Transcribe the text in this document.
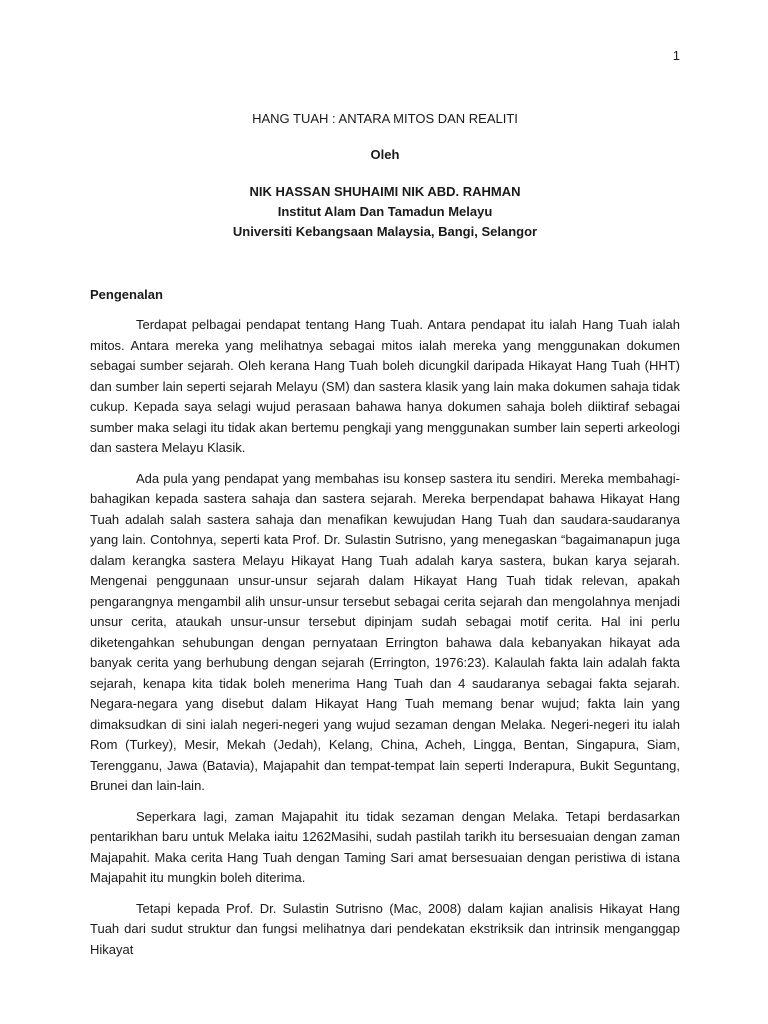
1

HANG TUAH : ANTARA MITOS DAN REALITI

Oleh

NIK HASSAN SHUHAIMI NIK ABD. RAHMAN
Institut Alam Dan Tamadun Melayu
Universiti Kebangsaan Malaysia, Bangi, Selangor
Pengenalan

Terdapat pelbagai pendapat tentang Hang Tuah. Antara pendapat itu ialah Hang Tuah ialah mitos. Antara mereka yang melihatnya sebagai mitos ialah mereka yang menggunakan dokumen sebagai sumber sejarah. Oleh kerana Hang Tuah boleh dicungkil daripada Hikayat Hang Tuah (HHT) dan sumber lain seperti sejarah Melayu (SM) dan sastera klasik yang lain maka dokumen sahaja tidak cukup. Kepada saya selagi wujud perasaan bahawa hanya dokumen sahaja boleh diiktiraf sebagai sumber maka selagi itu tidak akan bertemu pengkaji yang menggunakan sumber lain seperti arkeologi dan sastera Melayu Klasik.

Ada pula yang pendapat yang membahas isu konsep sastera itu sendiri. Mereka membahagi-bahagikan kepada sastera sahaja dan sastera sejarah. Mereka berpendapat bahawa Hikayat Hang Tuah adalah salah sastera sahaja dan menafikan kewujudan Hang Tuah dan saudara-saudaranya yang lain. Contohnya, seperti kata Prof. Dr. Sulastin Sutrisno, yang menegaskan “bagaimanapun juga dalam kerangka sastera Melayu Hikayat Hang Tuah adalah karya sastera, bukan karya sejarah. Mengenai penggunaan unsur-unsur sejarah dalam Hikayat Hang Tuah tidak relevan, apakah pengarangnya mengambil alih unsur-unsur tersebut sebagai cerita sejarah dan mengolahnya menjadi unsur cerita, ataukah unsur-unsur tersebut dipinjam sudah sebagai motif cerita. Hal ini perlu diketengahkan sehubungan dengan pernyataan Errington bahawa dala kebanyakan hikayat ada banyak cerita yang berhubung dengan sejarah (Errington, 1976:23). Kalaulah fakta lain adalah fakta sejarah, kenapa kita tidak boleh menerima Hang Tuah dan 4 saudaranya sebagai fakta sejarah. Negara-negara yang disebut dalam Hikayat Hang Tuah memang benar wujud; fakta lain yang dimaksudkan di sini ialah negeri-negeri yang wujud sezaman dengan Melaka. Negeri-negeri itu ialah Rom (Turkey), Mesir, Mekah (Jedah), Kelang, China, Acheh, Lingga, Bentan, Singapura, Siam, Terengganu, Jawa (Batavia), Majapahit dan tempat-tempat lain seperti Inderapura, Bukit Seguntang, Brunei dan lain-lain.

Seperkara lagi, zaman Majapahit itu tidak sezaman dengan Melaka. Tetapi berdasarkan pentarikhan baru untuk Melaka iaitu 1262Masihi, sudah pastilah tarikh itu bersesuaian dengan zaman Majapahit. Maka cerita Hang Tuah dengan Taming Sari amat bersesuaian dengan peristiwa di istana Majapahit itu mungkin boleh diterima.

Tetapi kepada Prof. Dr. Sulastin Sutrisno (Mac, 2008) dalam kajian analisis Hikayat Hang Tuah dari sudut struktur dan fungsi melihatnya dari pendekatan ekstriksik dan intrinsik menganggap Hikayat
